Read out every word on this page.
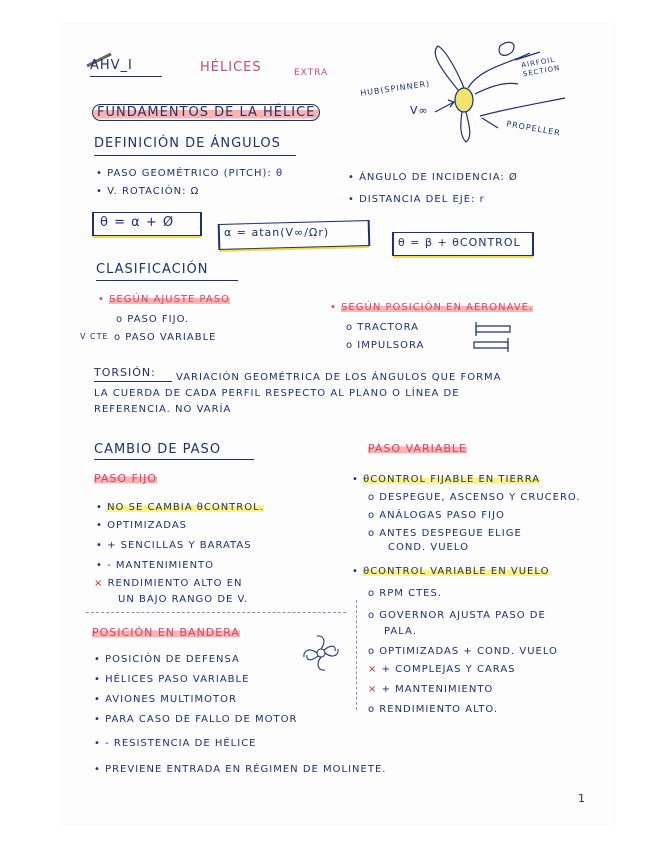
AHV_I	HÉLICES	EXTRA
HUB(SPINNER)
AIRFOIL SECTION
V∞
PROPELLER
FUNDAMENTOS DE LA HÉLICE
DEFINICIÓN DE ÁNGULOS
• PASO GEOMÉTRICO (PITCH): θ
• V. ROTACIÓN: Ω
• ÁNGULO DE INCIDENCIA: Ø
• DISTANCIA DEL EJE: r
θ = α + Ø
α = atan(V∞/Ωr)
θ = β + θCONTROL
CLASIFICACIÓN
• SEGÚN AJUSTE PASO
o PASO FIJO.
V CTE o PASO VARIABLE
• SEGÚN POSICIÓN EN AERONAVE.
o TRACTORA
o IMPULSORA
TORSIÓN: VARIACIÓN GEOMÉTRICA DE LOS ÁNGULOS QUE FORMA
LA CUERDA DE CADA PERFIL RESPECTO AL PLANO O LÍNEA DE
REFERENCIA. NO VARÍA
CAMBIO DE PASO
PASO FIJO
• NO SE CAMBIA θCONTROL.
• OPTIMIZADAS
• + SENCILLAS Y BARATAS
• - MANTENIMIENTO
× RENDIMIENTO ALTO EN
UN BAJO RANGO DE V.
PASO VARIABLE
• θCONTROL FIJABLE EN TIERRA
o DESPEGUE, ASCENSO Y CRUCERO.
o ANÁLOGAS PASO FIJO
o ANTES DESPEGUE ELIGE
COND. VUELO
• θCONTROL VARIABLE EN VUELO
o RPM CTES.
o GOVERNOR AJUSTA PASO DE
PALA.
o OPTIMIZADAS + COND. VUELO
× + COMPLEJAS Y CARAS
× + MANTENIMIENTO
o RENDIMIENTO ALTO.
POSICIÓN EN BANDERA
• POSICIÓN DE DEFENSA
• HÉLICES PASO VARIABLE
• AVIONES MULTIMOTOR
• PARA CASO DE FALLO DE MOTOR
• - RESISTENCIA DE HÉLICE
• PREVIENE ENTRADA EN RÉGIMEN DE MOLINETE.
1
